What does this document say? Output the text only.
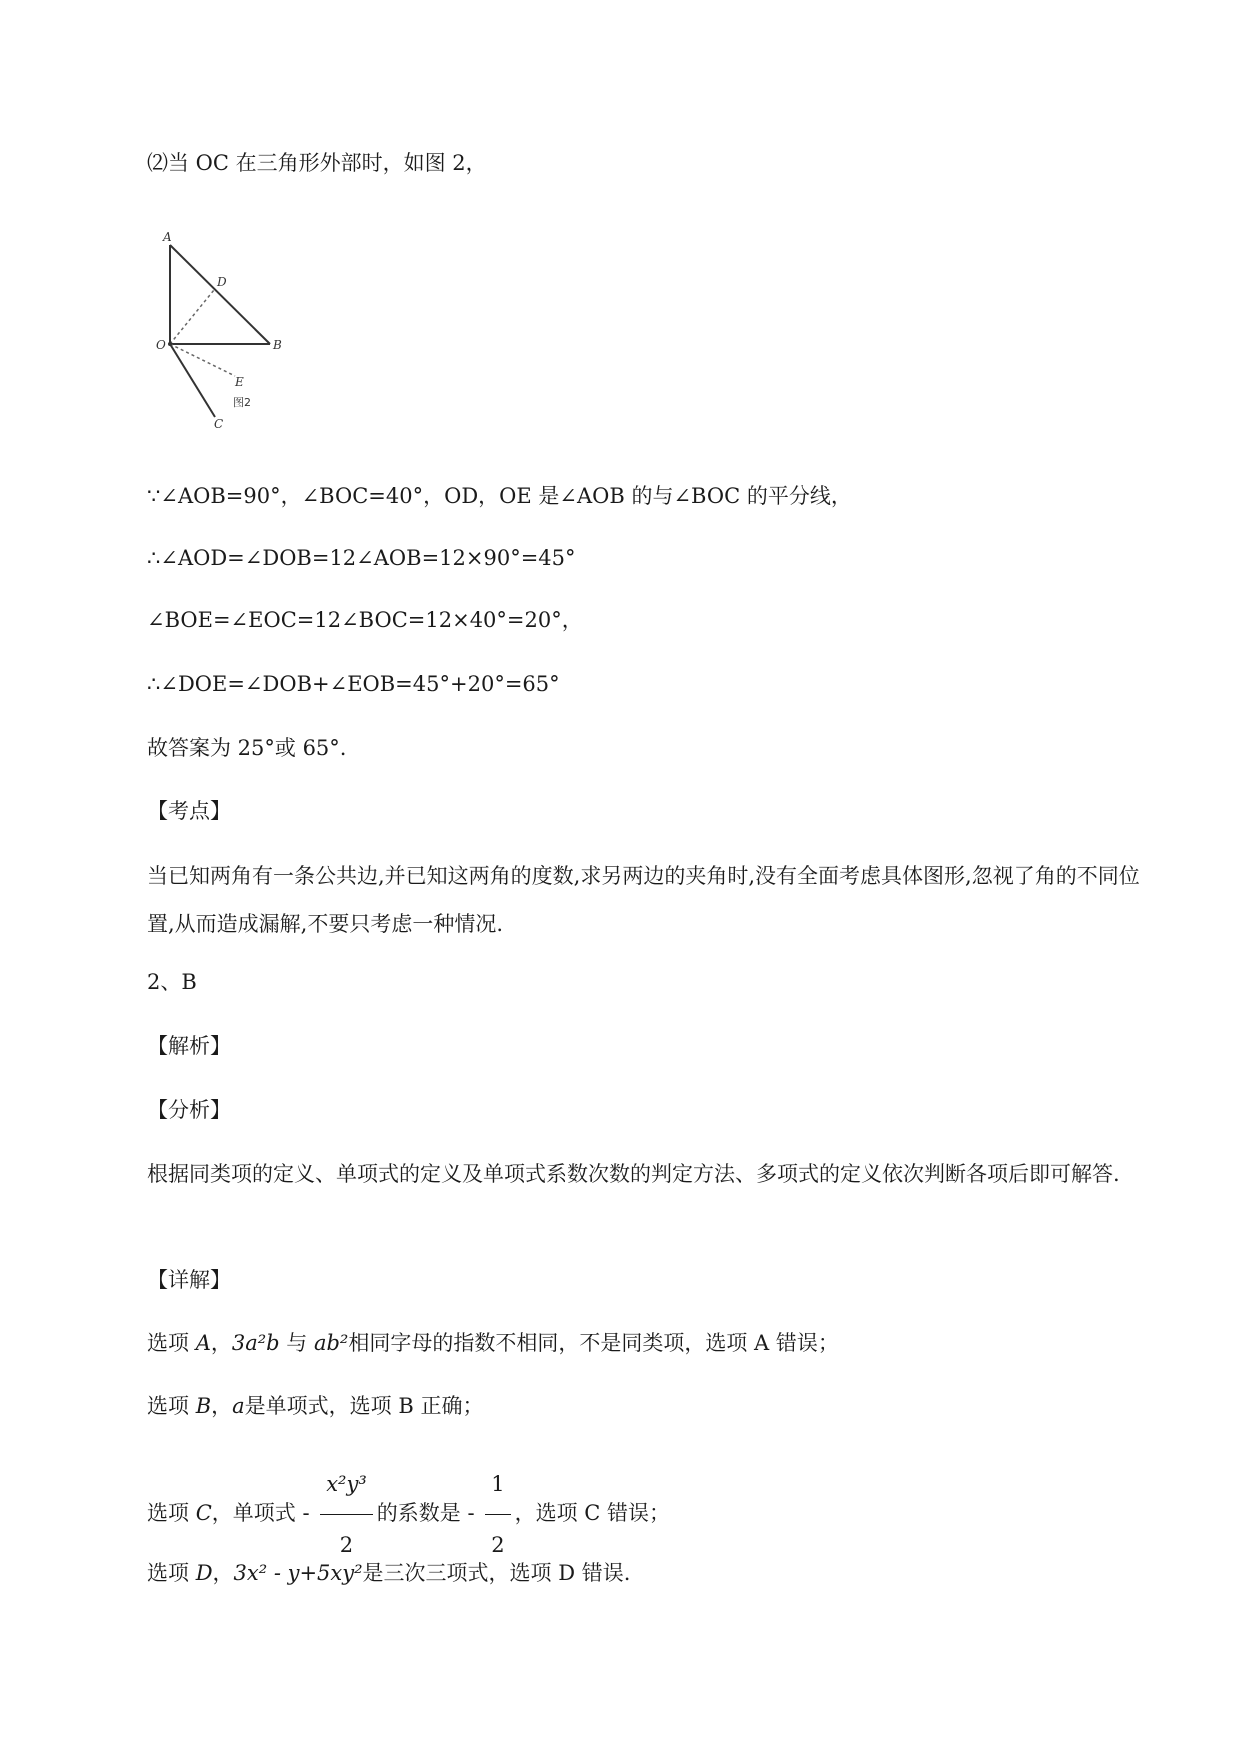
⑵当 OC 在三角形外部时，如图 2，
A
D
O	B
E
C
图2
∵∠AOB=90°，∠BOC=40°，OD，OE 是∠AOB 的与∠BOC 的平分线，
∴∠AOD=∠DOB=12∠AOB=12×90°=45°
∠BOE=∠EOC=12∠BOC=12×40°=20°，
∴∠DOE=∠DOB+∠EOB=45°+20°=65°
故答案为 25°或 65°.
【考点】
当已知两角有一条公共边,并已知这两角的度数,求另两边的夹角时,没有全面考虑具体图形,忽视了角的不同位置,从而造成漏解,不要只考虑一种情况.
2、B
【解析】
【分析】
根据同类项的定义、单项式的定义及单项式系数次数的判定方法、多项式的定义依次判断各项后即可解答.
【详解】
选项 A，3a²b 与 ab²相同字母的指数不相同，不是同类项，选项 A 错误；
选项 B，a是单项式，选项 B 正确；
选项 C，单项式 - $\frac{\text{x²y³}}{2}$ 的系数是 - $\frac{1}{2}$ ，选项 C 错误；
选项 D，3x² - y+5xy²是三次三项式，选项 D 错误.
